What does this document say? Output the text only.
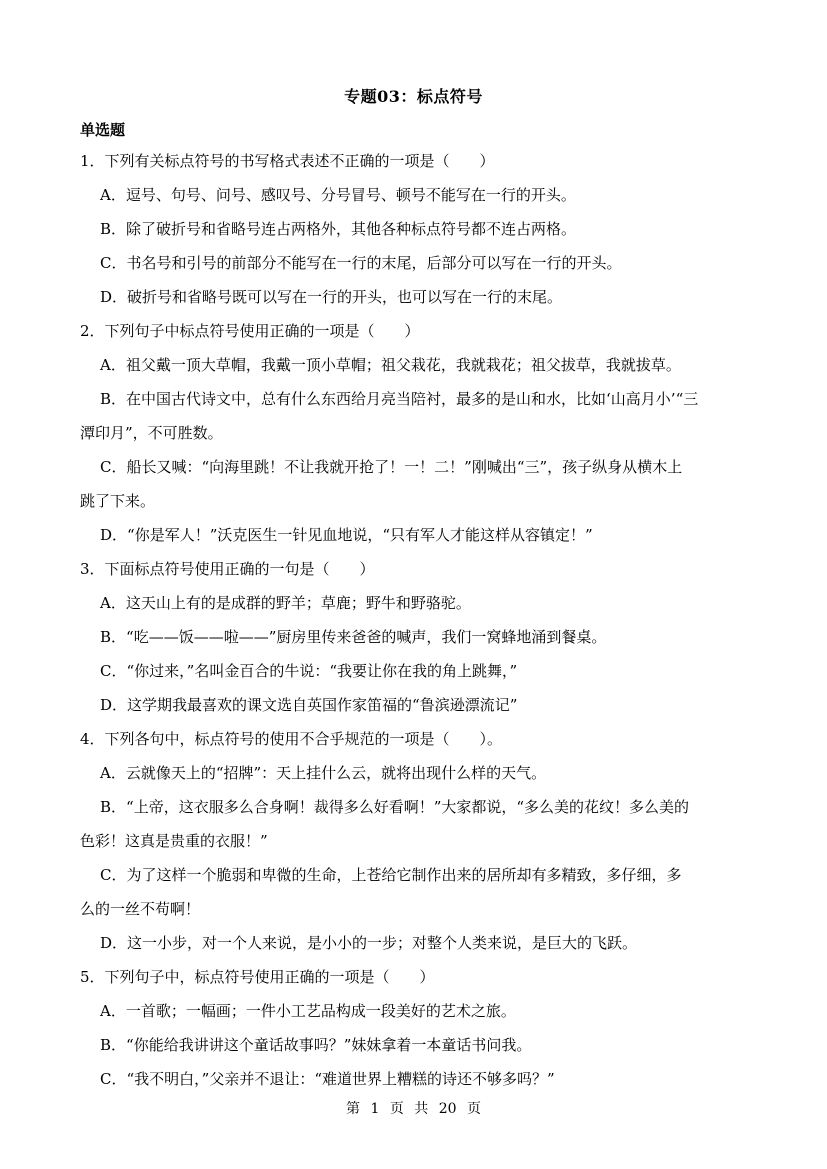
专题03：标点符号
单选题
1．下列有关标点符号的书写格式表述不正确的一项是（　　）
A．逗号、句号、问号、感叹号、分号冒号、顿号不能写在一行的开头。
B．除了破折号和省略号连占两格外，其他各种标点符号都不连占两格。
C．书名号和引号的前部分不能写在一行的末尾，后部分可以写在一行的开头。
D．破折号和省略号既可以写在一行的开头，也可以写在一行的末尾。
2．下列句子中标点符号使用正确的一项是（　　）
A．祖父戴一顶大草帽，我戴一顶小草帽；祖父栽花，我就栽花；祖父拔草，我就拔草。
B．在中国古代诗文中，总有什么东西给月亮当陪衬，最多的是山和水，比如‘山高月小’“三
潭印月”，不可胜数。
C．船长又喊：“向海里跳！不让我就开抢了！一！二！”刚喊出“三”，孩子纵身从横木上
跳了下来。
D．“你是军人！”沃克医生一针见血地说，“只有军人才能这样从容镇定！”
3．下面标点符号使用正确的一句是（　　）
A．这天山上有的是成群的野羊；草鹿；野牛和野骆驼。
B．“吃——饭——啦——”厨房里传来爸爸的喊声，我们一窝蜂地涌到餐桌。
C．“你过来，”名叫金百合的牛说：“我要让你在我的角上跳舞，”
D．这学期我最喜欢的课文选自英国作家笛福的“鲁滨逊漂流记”
4．下列各句中，标点符号的使用不合乎规范的一项是（　　）。
A．云就像天上的“招牌”：天上挂什么云，就将出现什么样的天气。
B．“上帝，这衣服多么合身啊！裁得多么好看啊！”大家都说，“多么美的花纹！多么美的
色彩！这真是贵重的衣服！”
C．为了这样一个脆弱和卑微的生命，上苍给它制作出来的居所却有多精致，多仔细，多
么的一丝不苟啊！
D．这一小步，对一个人来说，是小小的一步；对整个人类来说，是巨大的飞跃。
5．下列句子中，标点符号使用正确的一项是（　　）
A．一首歌；一幅画；一件小工艺品构成一段美好的艺术之旅。
B．“你能给我讲讲这个童话故事吗？”妹妹拿着一本童话书问我。
C．“我不明白，”父亲并不退让：“难道世界上糟糕的诗还不够多吗？”
第 1 页 共 20 页
